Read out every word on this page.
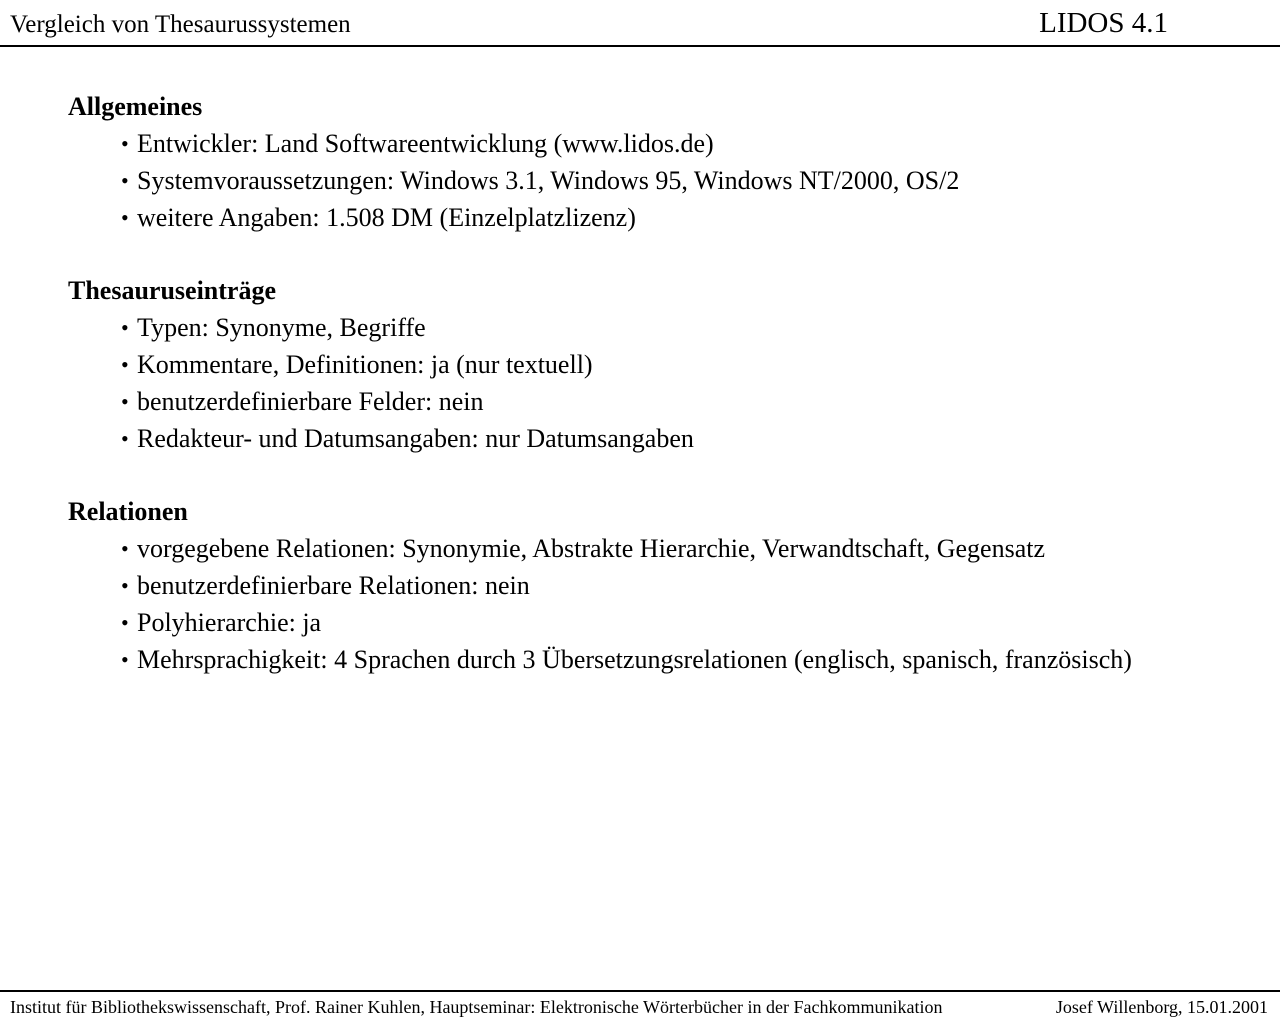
Vergleich von Thesaurussystemen	LIDOS 4.1
Allgemeines
• Entwickler: Land Softwareentwicklung (www.lidos.de)
• Systemvoraussetzungen: Windows 3.1, Windows 95, Windows NT/2000, OS/2
• weitere Angaben: 1.508 DM (Einzelplatzlizenz)
Thesauruseinträge
• Typen: Synonyme, Begriffe
• Kommentare, Definitionen: ja (nur textuell)
• benutzerdefinierbare Felder: nein
• Redakteur- und Datumsangaben: nur Datumsangaben
Relationen
• vorgegebene Relationen: Synonymie, Abstrakte Hierarchie, Verwandtschaft, Gegensatz
• benutzerdefinierbare Relationen: nein
• Polyhierarchie: ja
• Mehrsprachigkeit: 4 Sprachen durch 3 Übersetzungsrelationen (englisch, spanisch, französisch)
Institut für Bibliothekswissenschaft, Prof. Rainer Kuhlen, Hauptseminar: Elektronische Wörterbücher in der Fachkommunikation	Josef Willenborg, 15.01.2001
